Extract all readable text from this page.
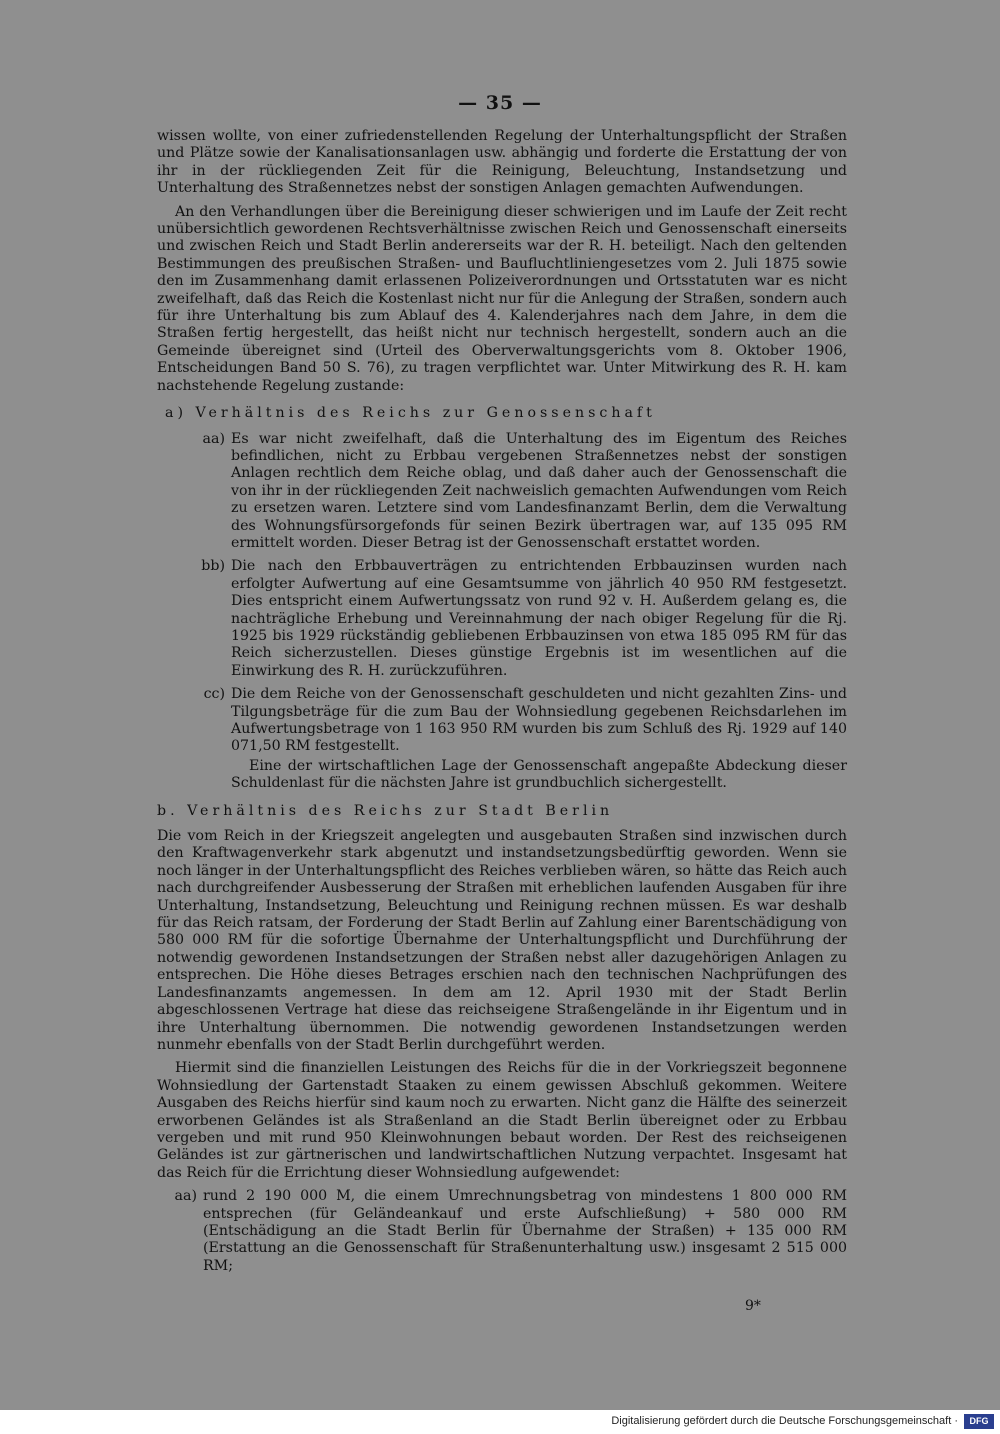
— 35 —

wissen wollte, von einer zufriedenstellenden Regelung der Unterhaltungspflicht der Straßen und Plätze sowie der Kanalisationsanlagen usw. abhängig und forderte die Erstattung der von ihr in der rückliegenden Zeit für die Reinigung, Beleuchtung, Instandsetzung und Unterhaltung des Straßennetzes nebst der sonstigen Anlagen gemachten Aufwendungen.

An den Verhandlungen über die Bereinigung dieser schwierigen und im Laufe der Zeit recht unübersichtlich gewordenen Rechtsverhältnisse zwischen Reich und Genossenschaft einerseits und zwischen Reich und Stadt Berlin andererseits war der R. H. beteiligt. Nach den geltenden Bestimmungen des preußischen Straßen- und Baufluchtliniengesetzes vom 2. Juli 1875 sowie den im Zusammenhang damit erlassenen Polizeiverordnungen und Ortsstatuten war es nicht zweifelhaft, daß das Reich die Kostenlast nicht nur für die Anlegung der Straßen, sondern auch für ihre Unterhaltung bis zum Ablauf des 4. Kalenderjahres nach dem Jahre, in dem die Straßen fertig hergestellt, das heißt nicht nur technisch hergestellt, sondern auch an die Gemeinde übereignet sind (Urteil des Oberverwaltungsgerichts vom 8. Oktober 1906, Entscheidungen Band 50 S. 76), zu tragen verpflichtet war. Unter Mitwirkung des R. H. kam nachstehende Regelung zustande:

a) Verhältnis des Reichs zur Genossenschaft
aa) Es war nicht zweifelhaft, daß die Unterhaltung des im Eigentum des Reiches befindlichen, nicht zu Erbbau vergebenen Straßennetzes nebst der sonstigen Anlagen rechtlich dem Reiche oblag, und daß daher auch der Genossenschaft die von ihr in der rückliegenden Zeit nachweislich gemachten Aufwendungen vom Reich zu ersetzen waren. Letztere sind vom Landesfinanzamt Berlin, dem die Verwaltung des Wohnungsfürsorgefonds für seinen Bezirk übertragen war, auf 135 095 RM ermittelt worden. Dieser Betrag ist der Genossenschaft erstattet worden.
bb) Die nach den Erbbauverträgen zu entrichtenden Erbbauzinsen wurden nach erfolgter Aufwertung auf eine Gesamtsumme von jährlich 40 950 RM festgesetzt. Dies entspricht einem Aufwertungssatz von rund 92 v. H. Außerdem gelang es, die nachträgliche Erhebung und Vereinnahmung der nach obiger Regelung für die Rj. 1925 bis 1929 rückständig gebliebenen Erbbauzinsen von etwa 185 095 RM für das Reich sicherzustellen. Dieses günstige Ergebnis ist im wesentlichen auf die Einwirkung des R. H. zurückzuführen.
cc) Die dem Reiche von der Genossenschaft geschuldeten und nicht gezahlten Zins- und Tilgungsbeträge für die zum Bau der Wohnsiedlung gegebenen Reichsdarlehen im Aufwertungsbetrage von 1 163 950 RM wurden bis zum Schluß des Rj. 1929 auf 140 071,50 RM festgestellt.
Eine der wirtschaftlichen Lage der Genossenschaft angepaßte Abdeckung dieser Schuldenlast für die nächsten Jahre ist grundbuchlich sichergestellt.
b. Verhältnis des Reichs zur Stadt Berlin

Die vom Reich in der Kriegszeit angelegten und ausgebauten Straßen sind inzwischen durch den Kraftwagenverkehr stark abgenutzt und instandsetzungsbedürftig geworden. Wenn sie noch länger in der Unterhaltungspflicht des Reiches verblieben wären, so hätte das Reich auch nach durchgreifender Ausbesserung der Straßen mit erheblichen laufenden Ausgaben für ihre Unterhaltung, Instandsetzung, Beleuchtung und Reinigung rechnen müssen. Es war deshalb für das Reich ratsam, der Forderung der Stadt Berlin auf Zahlung einer Barentschädigung von 580 000 RM für die sofortige Übernahme der Unterhaltungspflicht und Durchführung der notwendig gewordenen Instandsetzungen der Straßen nebst aller dazugehörigen Anlagen zu entsprechen. Die Höhe dieses Betrages erschien nach den technischen Nachprüfungen des Landesfinanzamts angemessen. In dem am 12. April 1930 mit der Stadt Berlin abgeschlossenen Vertrage hat diese das reichseigene Straßengelände in ihr Eigentum und in ihre Unterhaltung übernommen. Die notwendig gewordenen Instandsetzungen werden nunmehr ebenfalls von der Stadt Berlin durchgeführt werden.

Hiermit sind die finanziellen Leistungen des Reichs für die in der Vorkriegszeit begonnene Wohnsiedlung der Gartenstadt Staaken zu einem gewissen Abschluß gekommen. Weitere Ausgaben des Reichs hierfür sind kaum noch zu erwarten. Nicht ganz die Hälfte des seinerzeit erworbenen Geländes ist als Straßenland an die Stadt Berlin übereignet oder zu Erbbau vergeben und mit rund 950 Kleinwohnungen bebaut worden. Der Rest des reichseigenen Geländes ist zur gärtnerischen und landwirtschaftlichen Nutzung verpachtet. Insgesamt hat das Reich für die Errichtung dieser Wohnsiedlung aufgewendet:

aa) rund 2 190 000 M, die einem Umrechnungsbetrag von mindestens 1 800 000 RM entsprechen (für Geländeankauf und erste Aufschließung) + 580 000 RM (Entschädigung an die Stadt Berlin für Übernahme der Straßen) + 135 000 RM (Erstattung an die Genossenschaft für Straßenunterhaltung usw.) insgesamt 2 515 000 RM;
9*
Digitalisierung gefördert durch die Deutsche Forschungsgemeinschaft ·	DFG
